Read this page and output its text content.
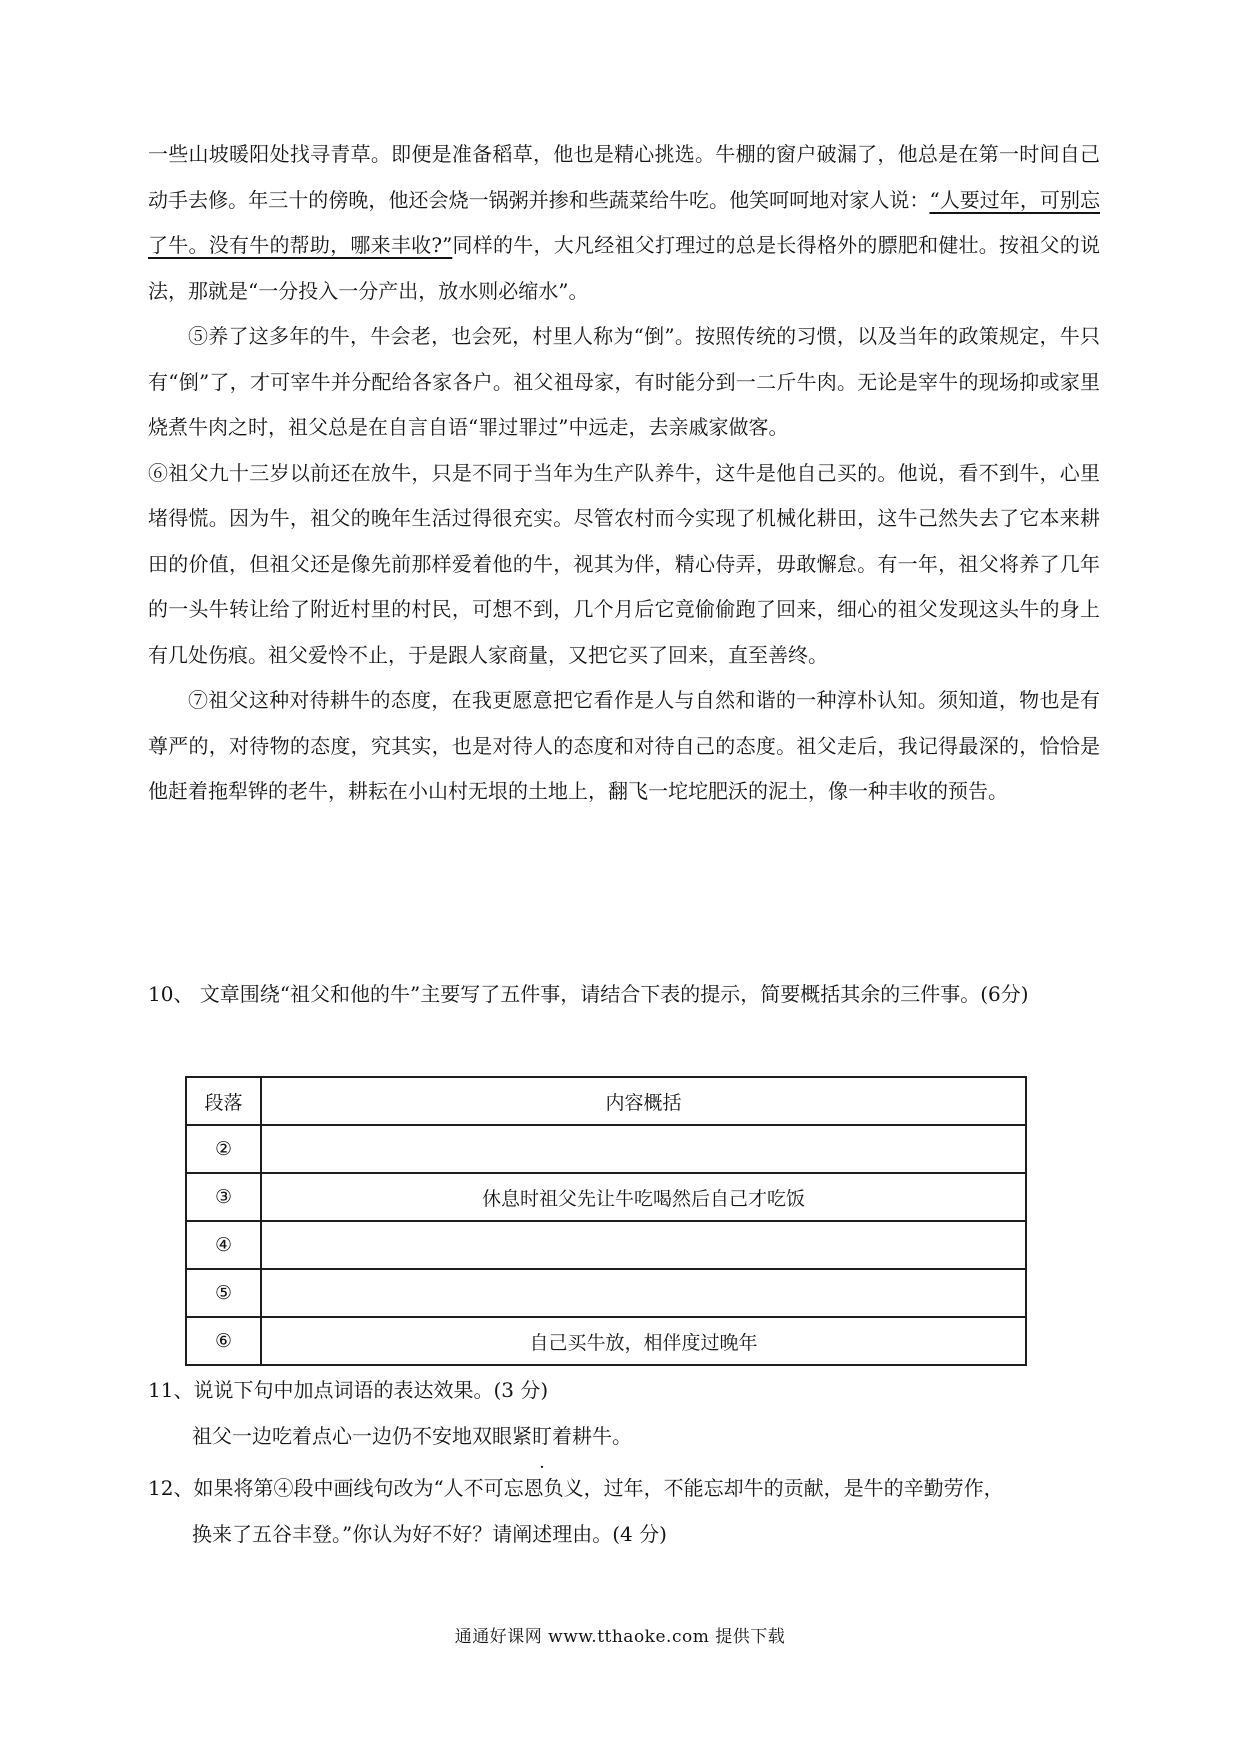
一些山坡暖阳处找寻青草。即便是准备稻草，他也是精心挑选。牛棚的窗户破漏了，他总是在第一时间自己动手去修。年三十的傍晚，他还会烧一锅粥并掺和些蔬菜给牛吃。他笑呵呵地对家人说：“人要过年，可别忘了牛。没有牛的帮助，哪来丰收?”同样的牛，大凡经祖父打理过的总是长得格外的膘肥和健壮。按祖父的说法，那就是“一分投入一分产出，放水则必缩水”。

⑤养了这多年的牛，牛会老，也会死，村里人称为“倒”。按照传统的习惯，以及当年的政策规定，牛只有“倒”了，才可宰牛并分配给各家各户。祖父祖母家，有时能分到一二斤牛肉。无论是宰牛的现场抑或家里烧煮牛肉之时，祖父总是在自言自语“罪过罪过”中远走，去亲戚家做客。

⑥祖父九十三岁以前还在放牛，只是不同于当年为生产队养牛，这牛是他自己买的。他说，看不到牛，心里堵得慌。因为牛，祖父的晚年生活过得很充实。尽管农村而今实现了机械化耕田，这牛己然失去了它本来耕田的价值，但祖父还是像先前那样爱着他的牛，视其为伴，精心侍弄，毋敢懈怠。有一年，祖父将养了几年的一头牛转让给了附近村里的村民，可想不到，几个月后它竟偷偷跑了回来，细心的祖父发现这头牛的身上有几处伤痕。祖父爱怜不止，于是跟人家商量，又把它买了回来，直至善终。

⑦祖父这种对待耕牛的态度，在我更愿意把它看作是人与自然和谐的一种淳朴认知。须知道，物也是有尊严的，对待物的态度，究其实，也是对待人的态度和对待自己的态度。祖父走后，我记得最深的，恰恰是他赶着拖犁铧的老牛，耕耘在小山村无垠的土地上，翻飞一坨坨肥沃的泥土，像一种丰收的预告。

10、 文章围绕“祖父和他的牛”主要写了五件事，请结合下表的提示，简要概括其余的三件事。(6分)

段落	内容概括
②	
③	休息时祖父先让牛吃喝然后自己才吃饭
④	
⑤	
⑥	自己买牛放，相伴度过晚年

11、说说下句中加点词语的表达效果。(3 分)

祖父一边吃着点心一边仍不安地双眼紧盯着耕牛。

12、如果将第④段中画线句改为“人不可忘恩负义，过年，不能忘却牛的贡献，是牛的辛勤劳作，

换来了五谷丰登。”你认为好不好？请阐述理由。(4 分)

通通好课网 www.tthaoke.com 提供下载
